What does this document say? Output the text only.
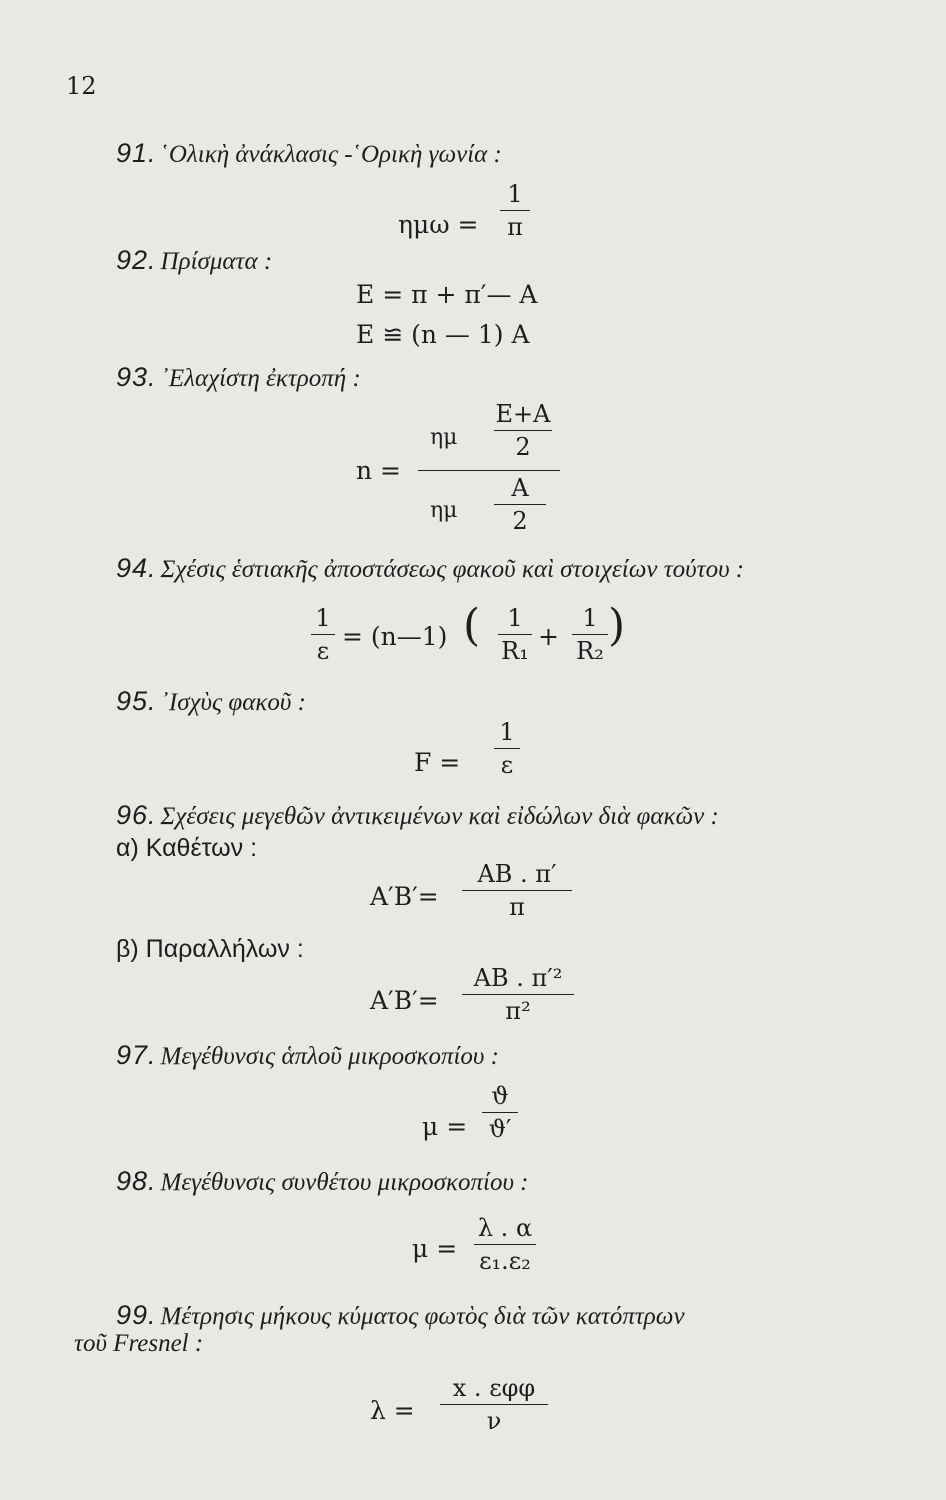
12
91. ῾Ολικὴ ἀνάκλασις -῾Ορικὴ γωνία :
ημω =
1
π
92. Πρίσματα :
E = π + π′— A
E ≌ (n — 1) A
93. ᾿Ελαχίστη ἐκτροπή :
n =
ημ
E+A
2
ημ
A
2
94. Σχέσις ἑστιακῆς ἀποστάσεως φακοῦ καὶ στοιχείων τούτου :
1
ε = (n—1) ( 1
R₁ +
1
R₂ )
95. ᾿Ισχὺς φακοῦ :
F =
1
ε
96. Σχέσεις μεγεθῶν ἀντικειμένων καὶ εἰδώλων διὰ φακῶν :
α) Καθέτων :
A′B′=
AB . π′
π
β) Παραλλήλων :
A′B′=
AB . π′²
π²
97. Μεγέθυνσις ἁπλοῦ μικροσκοπίου :
μ =
ϑ
ϑ′
98. Μεγέθυνσις συνθέτου μικροσκοπίου :
μ =
λ . α
ε₁.ε₂
99. Μέτρησις μήκους κύματος φωτὸς διὰ τῶν κατόπτρων
τοῦ Fresnel :
λ =
x . εφφ
ν
